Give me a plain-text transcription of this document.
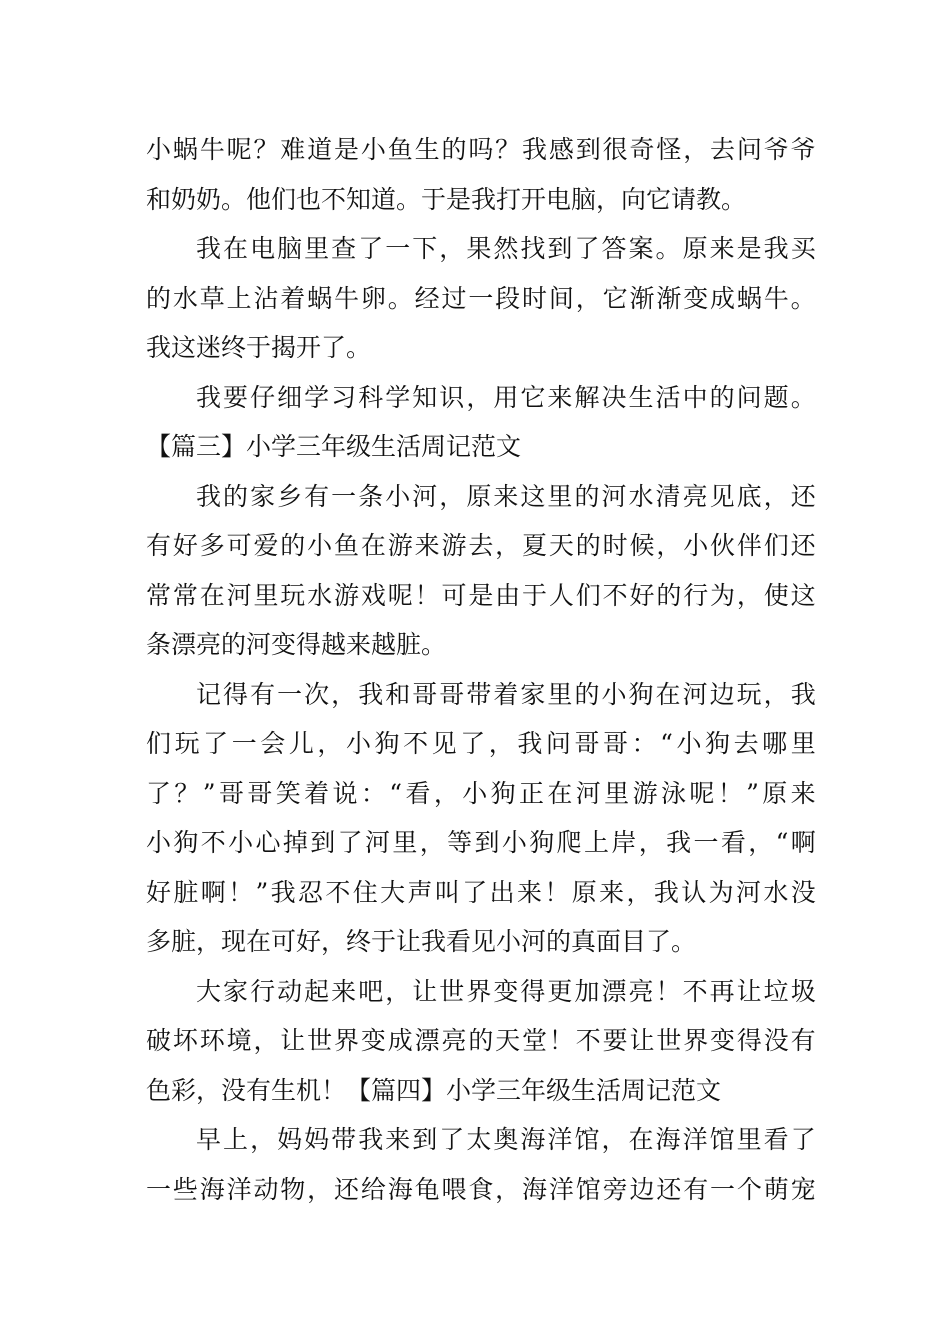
小 蜗 牛 呢 ？ 难 道 是 小 鱼 生 的 吗 ？ 我 感 到 很 奇 怪 ， 去 问 爷 爷
和奶奶。他们也不知道。于是我打开电脑，向它请教。
我 在 电 脑 里 查 了 一 下 ， 果 然 找 到 了 答 案 。 原 来 是 我 买
的 水 草 上 沾 着 蜗 牛 卵 。 经 过 一 段 时 间 ， 它 渐 渐 变 成 蜗 牛 。
我这迷终于揭开了。
我 要 仔 细 学 习 科 学 知 识 ， 用 它 来 解 决 生 活 中 的 问 题 。
【篇三】小学三年级生活周记范文
我 的 家 乡 有 一 条 小 河 ， 原 来 这 里 的 河 水 清 亮 见 底 ， 还
有 好 多 可 爱 的 小 鱼 在 游 来 游 去 ， 夏 天 的 时 候 ， 小 伙 伴 们 还
常 常 在 河 里 玩 水 游 戏 呢 ！ 可 是 由 于 人 们 不 好 的 行 为 ， 使 这
条漂亮的河变得越来越脏。
记 得 有 一 次 ， 我 和 哥 哥 带 着 家 里 的 小 狗 在 河 边 玩 ， 我
们 玩 了 一 会 儿 ， 小 狗 不 见 了 ， 我 问 哥 哥 ： “ 小 狗 去 哪 里
了 ？ ” 哥 哥 笑 着 说 ： “ 看 ， 小 狗 正 在 河 里 游 泳 呢 ！ ” 原 来
小 狗 不 小 心 掉 到 了 河 里 ， 等 到 小 狗 爬 上 岸 ， 我 一 看 ， “ 啊
好 脏 啊 ！ ” 我 忍 不 住 大 声 叫 了 出 来 ！ 原 来 ， 我 认 为 河 水 没
多脏，现在可好，终于让我看见小河的真面目了。
大 家 行 动 起 来 吧 ， 让 世 界 变 得 更 加 漂 亮 ！ 不 再 让 垃 圾
破 坏 环 境 ， 让 世 界 变 成 漂 亮 的 天 堂 ！ 不 要 让 世 界 变 得 没 有
色彩，没有生机！【篇四】小学三年级生活周记范文
早 上 ， 妈 妈 带 我 来 到 了 太 奥 海 洋 馆 ， 在 海 洋 馆 里 看 了
一 些 海 洋 动 物 ， 还 给 海 龟 喂 食 ， 海 洋 馆 旁 边 还 有 一 个 萌 宠
